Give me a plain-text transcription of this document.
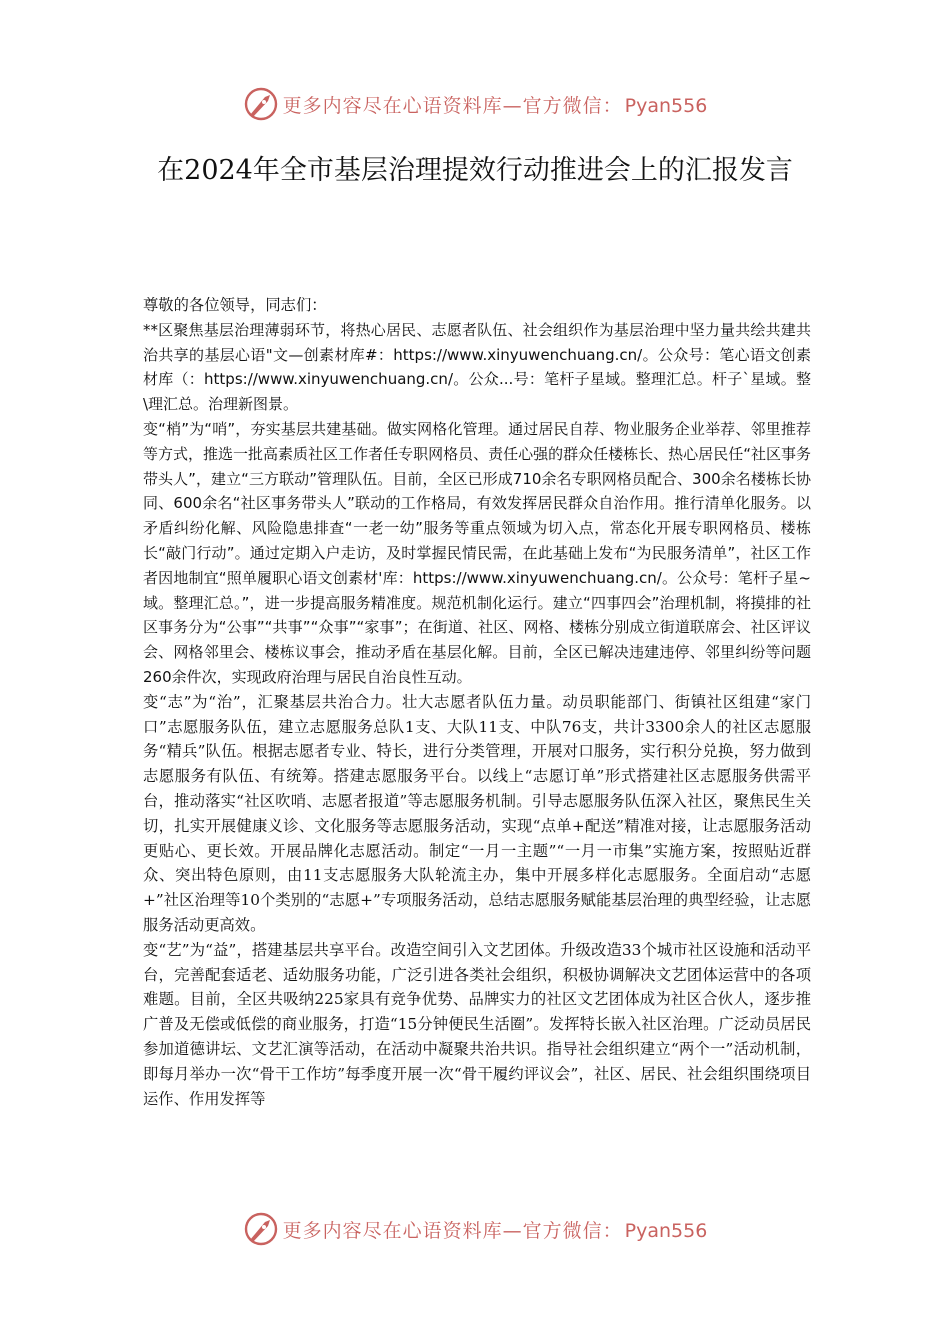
更多内容尽在心语资料库—官方微信： Pyan556
在2024年全市基层治理提效行动推进会上的汇报发言

尊敬的各位领导，同志们：

**区聚焦基层治理薄弱环节，将热心居民、志愿者队伍、社会组织作为基层治理中坚力量共绘共建共治共享的基层心语"文—创素材库#：https://www.xinyuwenchuang.cn/。公众号：笔心语文创素材库（：https://www.xinyuwenchuang.cn/。公众...号：笔杆子星域。整理汇总。杆子`星域。整\理汇总。治理新图景。

变“梢”为“哨”，夯实基层共建基础。做实网格化管理。通过居民自荐、物业服务企业举荐、邻里推荐等方式，推选一批高素质社区工作者任专职网格员、责任心强的群众任楼栋长、热心居民任“社区事务带头人”，建立“三方联动”管理队伍。目前，全区已形成710余名专职网格员配合、300余名楼栋长协同、600余名“社区事务带头人”联动的工作格局，有效发挥居民群众自治作用。推行清单化服务。以矛盾纠纷化解、风险隐患排查“一老一幼”服务等重点领域为切入点，常态化开展专职网格员、楼栋长“敲门行动”。通过定期入户走访，及时掌握民情民需，在此基础上发布“为民服务清单”，社区工作者因地制宜“照单履职心语文创素材'库：https://www.xinyuwenchuang.cn/。公众号：笔杆子星~域。整理汇总。”，进一步提高服务精准度。规范机制化运行。建立“四事四会”治理机制，将摸排的社区事务分为“公事”“共事”“众事”“家事”；在街道、社区、网格、楼栋分别成立街道联席会、社区评议会、网格邻里会、楼栋议事会，推动矛盾在基层化解。目前，全区已解决违建违停、邻里纠纷等问题260余件次，实现政府治理与居民自治良性互动。

变“志”为“治”，汇聚基层共治合力。壮大志愿者队伍力量。动员职能部门、街镇社区组建“家门口”志愿服务队伍，建立志愿服务总队1支、大队11支、中队76支，共计3300余人的社区志愿服务“精兵”队伍。根据志愿者专业、特长，进行分类管理，开展对口服务，实行积分兑换，努力做到志愿服务有队伍、有统筹。搭建志愿服务平台。以线上“志愿订单”形式搭建社区志愿服务供需平台，推动落实“社区吹哨、志愿者报道”等志愿服务机制。引导志愿服务队伍深入社区，聚焦民生关切，扎实开展健康义诊、文化服务等志愿服务活动，实现“点单+配送”精准对接，让志愿服务活动更贴心、更长效。开展品牌化志愿活动。制定“一月一主题”“一月一市集”实施方案，按照贴近群众、突出特色原则，由11支志愿服务大队轮流主办，集中开展多样化志愿服务。全面启动“志愿+”社区治理等10个类别的“志愿+”专项服务活动，总结志愿服务赋能基层治理的典型经验，让志愿服务活动更高效。

变“艺”为“益”，搭建基层共享平台。改造空间引入文艺团体。升级改造33个城市社区设施和活动平台，完善配套适老、适幼服务功能，广泛引进各类社会组织，积极协调解决文艺团体运营中的各项难题。目前，全区共吸纳225家具有竞争优势、品牌实力的社区文艺团体成为社区合伙人，逐步推广普及无偿或低偿的商业服务，打造“15分钟便民生活圈”。发挥特长嵌入社区治理。广泛动员居民参加道德讲坛、文艺汇演等活动，在活动中凝聚共治共识。指导社会组织建立“两个一”活动机制，即每月举办一次“骨干工作坊”每季度开展一次“骨干履约评议会”，社区、居民、社会组织围绕项目运作、作用发挥等

更多内容尽在心语资料库—官方微信： Pyan556
